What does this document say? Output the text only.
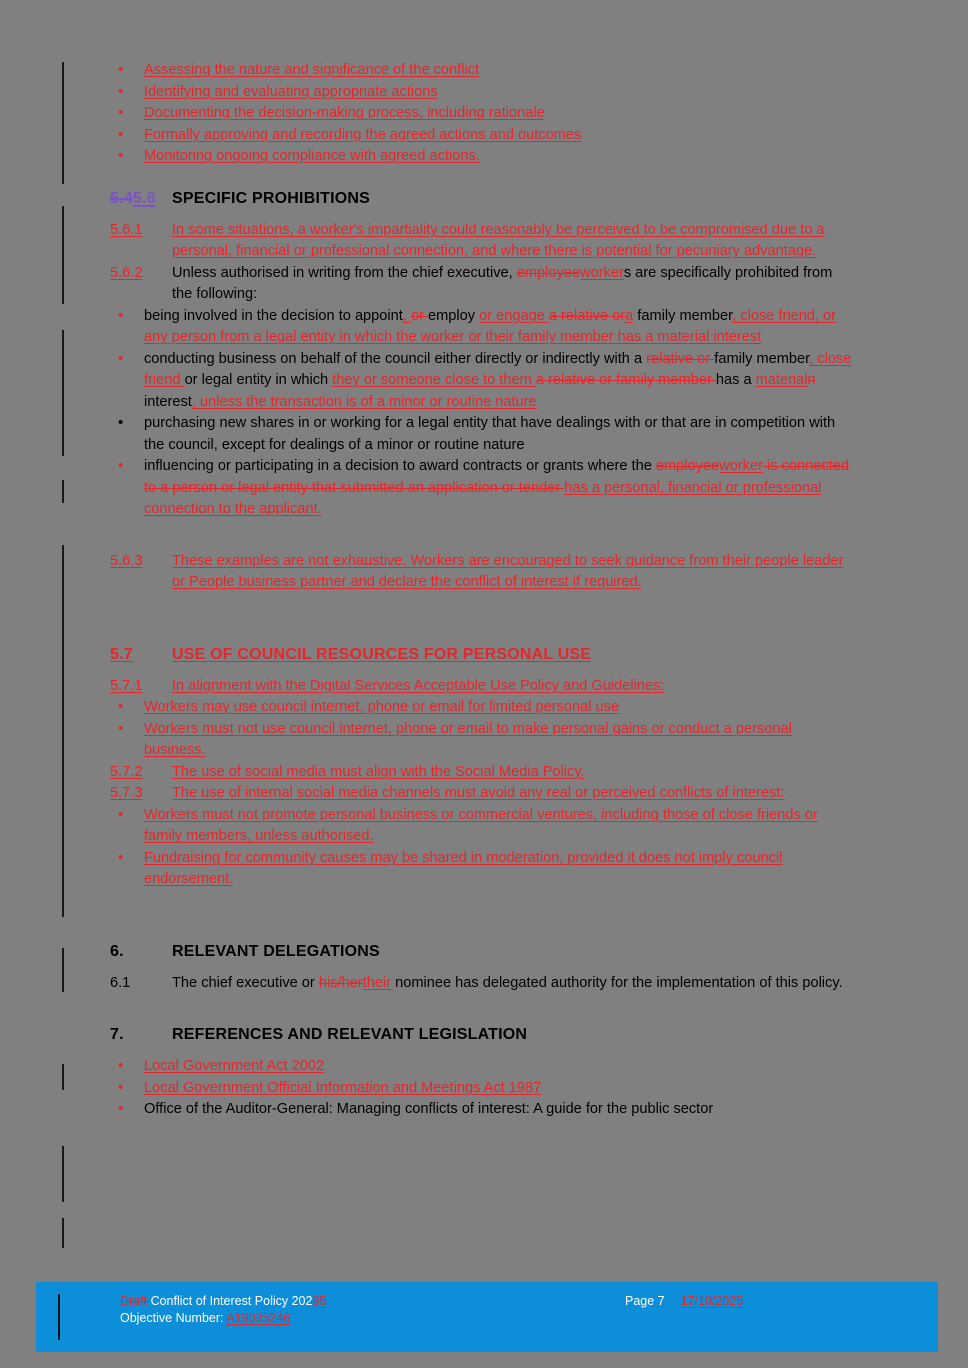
• Assessing the nature and significance of the conflict
• Identifying and evaluating appropriate actions
• Documenting the decision-making process, including rationale
• Formally approving and recording the agreed actions and outcomes
• Monitoring ongoing compliance with agreed actions.
5.45.6	SPECIFIC PROHIBITIONS
5.6.1	In some situations, a worker's impartiality could reasonably be perceived to be compromised due to a personal, financial or professional connection, and where there is potential for pecuniary advantage.
5.6.2	Unless authorised in writing from the chief executive, employeeworkers are specifically prohibited from the following:
• being involved in the decision to appoint, or employ or engage a relative ora family member, close friend, or any person from a legal entity in which the worker or their family member has a material interest
• conducting business on behalf of the council either directly or indirectly with a relative or family member, close friend or legal entity in which they or someone close to them a relative or family member has a materialn interest, unless the transaction is of a minor or routine nature
• purchasing new shares in or working for a legal entity that have dealings with or that are in competition with the council, except for dealings of a minor or routine nature
• influencing or participating in a decision to award contracts or grants where the employeeworker is connected to a person or legal entity that submitted an application or tender has a personal, financial or professional connection to the applicant.
5.6.3	These examples are not exhaustive. Workers are encouraged to seek guidance from their people leader or People business partner and declare the conflict of interest if required.
5.7	USE OF COUNCIL RESOURCES FOR PERSONAL USE
5.7.1	In alignment with the Digital Services Acceptable Use Policy and Guidelines:
• Workers may use council internet, phone or email for limited personal use
• Workers must not use council internet, phone or email to make personal gains or conduct a personal business.
5.7.2	The use of social media must align with the Social Media Policy.
5.7.3	The use of internal social media channels must avoid any real or perceived conflicts of interest:
• Workers must not promote personal business or commercial ventures, including those of close friends or family members, unless authorised.
• Fundraising for community causes may be shared in moderation, provided it does not imply council endorsement.
6.	RELEVANT DELEGATIONS
6.1	The chief executive or his/hertheir nominee has delegated authority for the implementation of this policy.
7.	REFERENCES AND RELEVANT LEGISLATION
• Local Government Act 2002
• Local Government Official Information and Meetings Act 1987
• Office of the Auditor-General: Managing conflicts of interest: A guide for the public sector
Draft Conflict of Interest Policy 20235
Objective Number: A19035246
Page 7 17/10/2025
